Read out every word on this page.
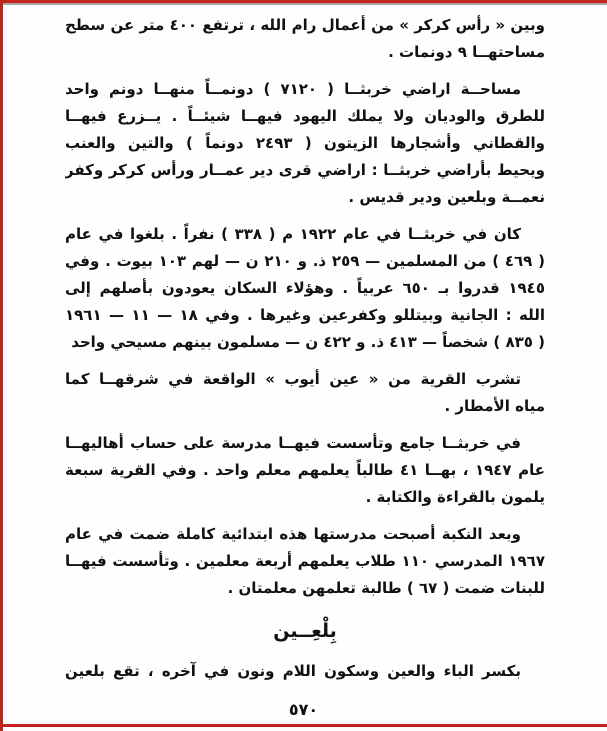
وبين « رأس كركر » من أعمال رام الله ، ترتفع ٤٠٠ متر عن سطح
مساحتهــا ٩ دونمات .
مساحــة اراضي خربثــا ( ٧١٢٠ ) دونمــاً منهــا دونم واحد
للطرق والوديان ولا يملك اليهود فيهــا شيئــاً . يــزرع فيهــا
والقطاني وأشجارها الزيتون ( ٢٤٩٣ دونماً ) والتين والعنب
ويحيط بأراضي خربثــا : اراضي قرى دير عمــار ورأس كركر وكفر
نعمــة وبلعين ودير قديس .
كان في خربثــا في عام ١٩٢٢ م ( ٣٣٨ ) نفراً . بلغوا في عام
( ٤٦٩ ) من المسلمين — ٢٥٩ ذ. و ٢١٠ ن — لهم ١٠٣ بيوت . وفي
١٩٤٥ قدروا بـ ٦٥٠ عربياً . وهؤلاء السكان يعودون بأصلهم إلى
الله : الجانية وبيتللو وكفرعين وغيرها . وفي ١٨ — ١١ — ١٩٦١
( ٨٣٥ ) شخصاً — ٤١٣ ذ. و ٤٢٢ ن — مسلمون بينهم مسيحي واحد
تشرب القرية من « عين أيوب » الواقعة في شرقهــا كما
مياه الأمطار .
في خربثــا جامع وتأسست فيهــا مدرسة على حساب أهاليهــا
عام ١٩٤٧ ، بهــا ٤١ طالباً يعلمهم معلم واحد . وفي القرية سبعة
يلمون بالقراءة والكتابة .
وبعد النكبة أصبحت مدرستها هذه ابتدائية كاملة ضمت في عام
١٩٦٧ المدرسي ١١٠ طلاب يعلمهم أربعة معلمين . وتأسست فيهــا
للبنات ضمت ( ٦٧ ) طالبة تعلمهن معلمتان .
بِلْعِــين
بكسر الباء والعين وسكون اللام ونون في آخره ، تقع بلعين
٥٧٠
